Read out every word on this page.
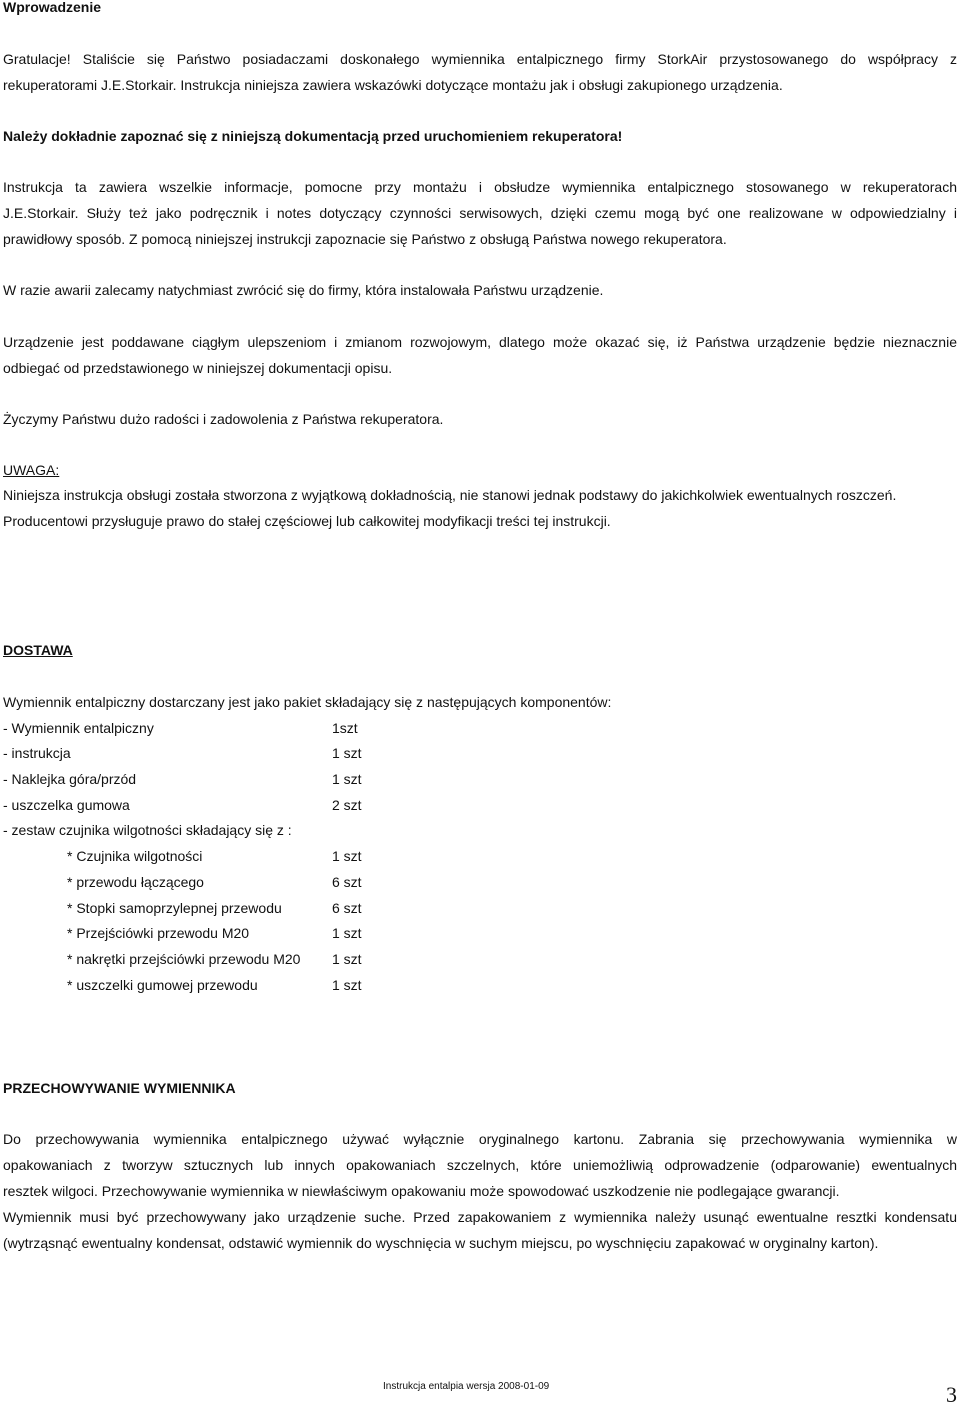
Wprowadzenie
Gratulacje! Staliście się Państwo posiadaczami doskonałego wymiennika entalpicznego firmy StorkAir przystosowanego do współpracy z
rekuperatorami J.E.Storkair. Instrukcja niniejsza zawiera wskazówki dotyczące montażu jak i obsługi zakupionego urządzenia.
Należy dokładnie zapoznać się z niniejszą dokumentacją przed uruchomieniem rekuperatora!
Instrukcja ta zawiera wszelkie informacje, pomocne przy montażu i obsłudze wymiennika entalpicznego stosowanego w rekuperatorach
J.E.Storkair. Służy też jako podręcznik i notes dotyczący czynności serwisowych, dzięki czemu mogą być one realizowane w odpowiedzialny i
prawidłowy sposób. Z pomocą niniejszej instrukcji zapoznacie się Państwo z obsługą Państwa nowego rekuperatora.
W razie awarii zalecamy natychmiast zwrócić się do firmy, która instalowała Państwu urządzenie.
Urządzenie jest poddawane ciągłym ulepszeniom i zmianom rozwojowym, dlatego może okazać się, iż Państwa urządzenie będzie nieznacznie
odbiegać od przedstawionego w niniejszej dokumentacji opisu.
Życzymy Państwu dużo radości i zadowolenia z Państwa rekuperatora.
UWAGA:
Niniejsza instrukcja obsługi została stworzona z wyjątkową dokładnością, nie stanowi jednak podstawy do jakichkolwiek ewentualnych roszczeń.
Producentowi przysługuje prawo do stałej częściowej lub całkowitej modyfikacji treści tej instrukcji.
DOSTAWA
Wymiennik entalpiczny dostarczany jest jako pakiet składający się z następujących komponentów:
- Wymiennik entalpiczny	1szt
- instrukcja	1 szt
- Naklejka góra/przód	1 szt
- uszczelka gumowa	2 szt
- zestaw czujnika wilgotności składający się z :
* Czujnika wilgotności	1 szt
* przewodu łączącego	6 szt
* Stopki samoprzylepnej przewodu	6 szt
* Przejściówki przewodu M20	1 szt
* nakrętki przejściówki przewodu M20 1 szt
* uszczelki gumowej przewodu	1 szt
PRZECHOWYWANIE WYMIENNIKA
Do przechowywania wymiennika entalpicznego używać wyłącznie oryginalnego kartonu. Zabrania się przechowywania wymiennika w
opakowaniach z tworzyw sztucznych lub innych opakowaniach szczelnych, które uniemożliwią odprowadzenie (odparowanie) ewentualnych
resztek wilgoci. Przechowywanie wymiennika w niewłaściwym opakowaniu może spowodować uszkodzenie nie podlegające gwarancji.
Wymiennik musi być przechowywany jako urządzenie suche. Przed zapakowaniem z wymiennika należy usunąć ewentualne resztki kondensatu
(wytrząsnąć ewentualny kondensat, odstawić wymiennik do wyschnięcia w suchym miejscu, po wyschnięciu zapakować w oryginalny karton).
Instrukcja entalpia wersja 2008-01-09	3
